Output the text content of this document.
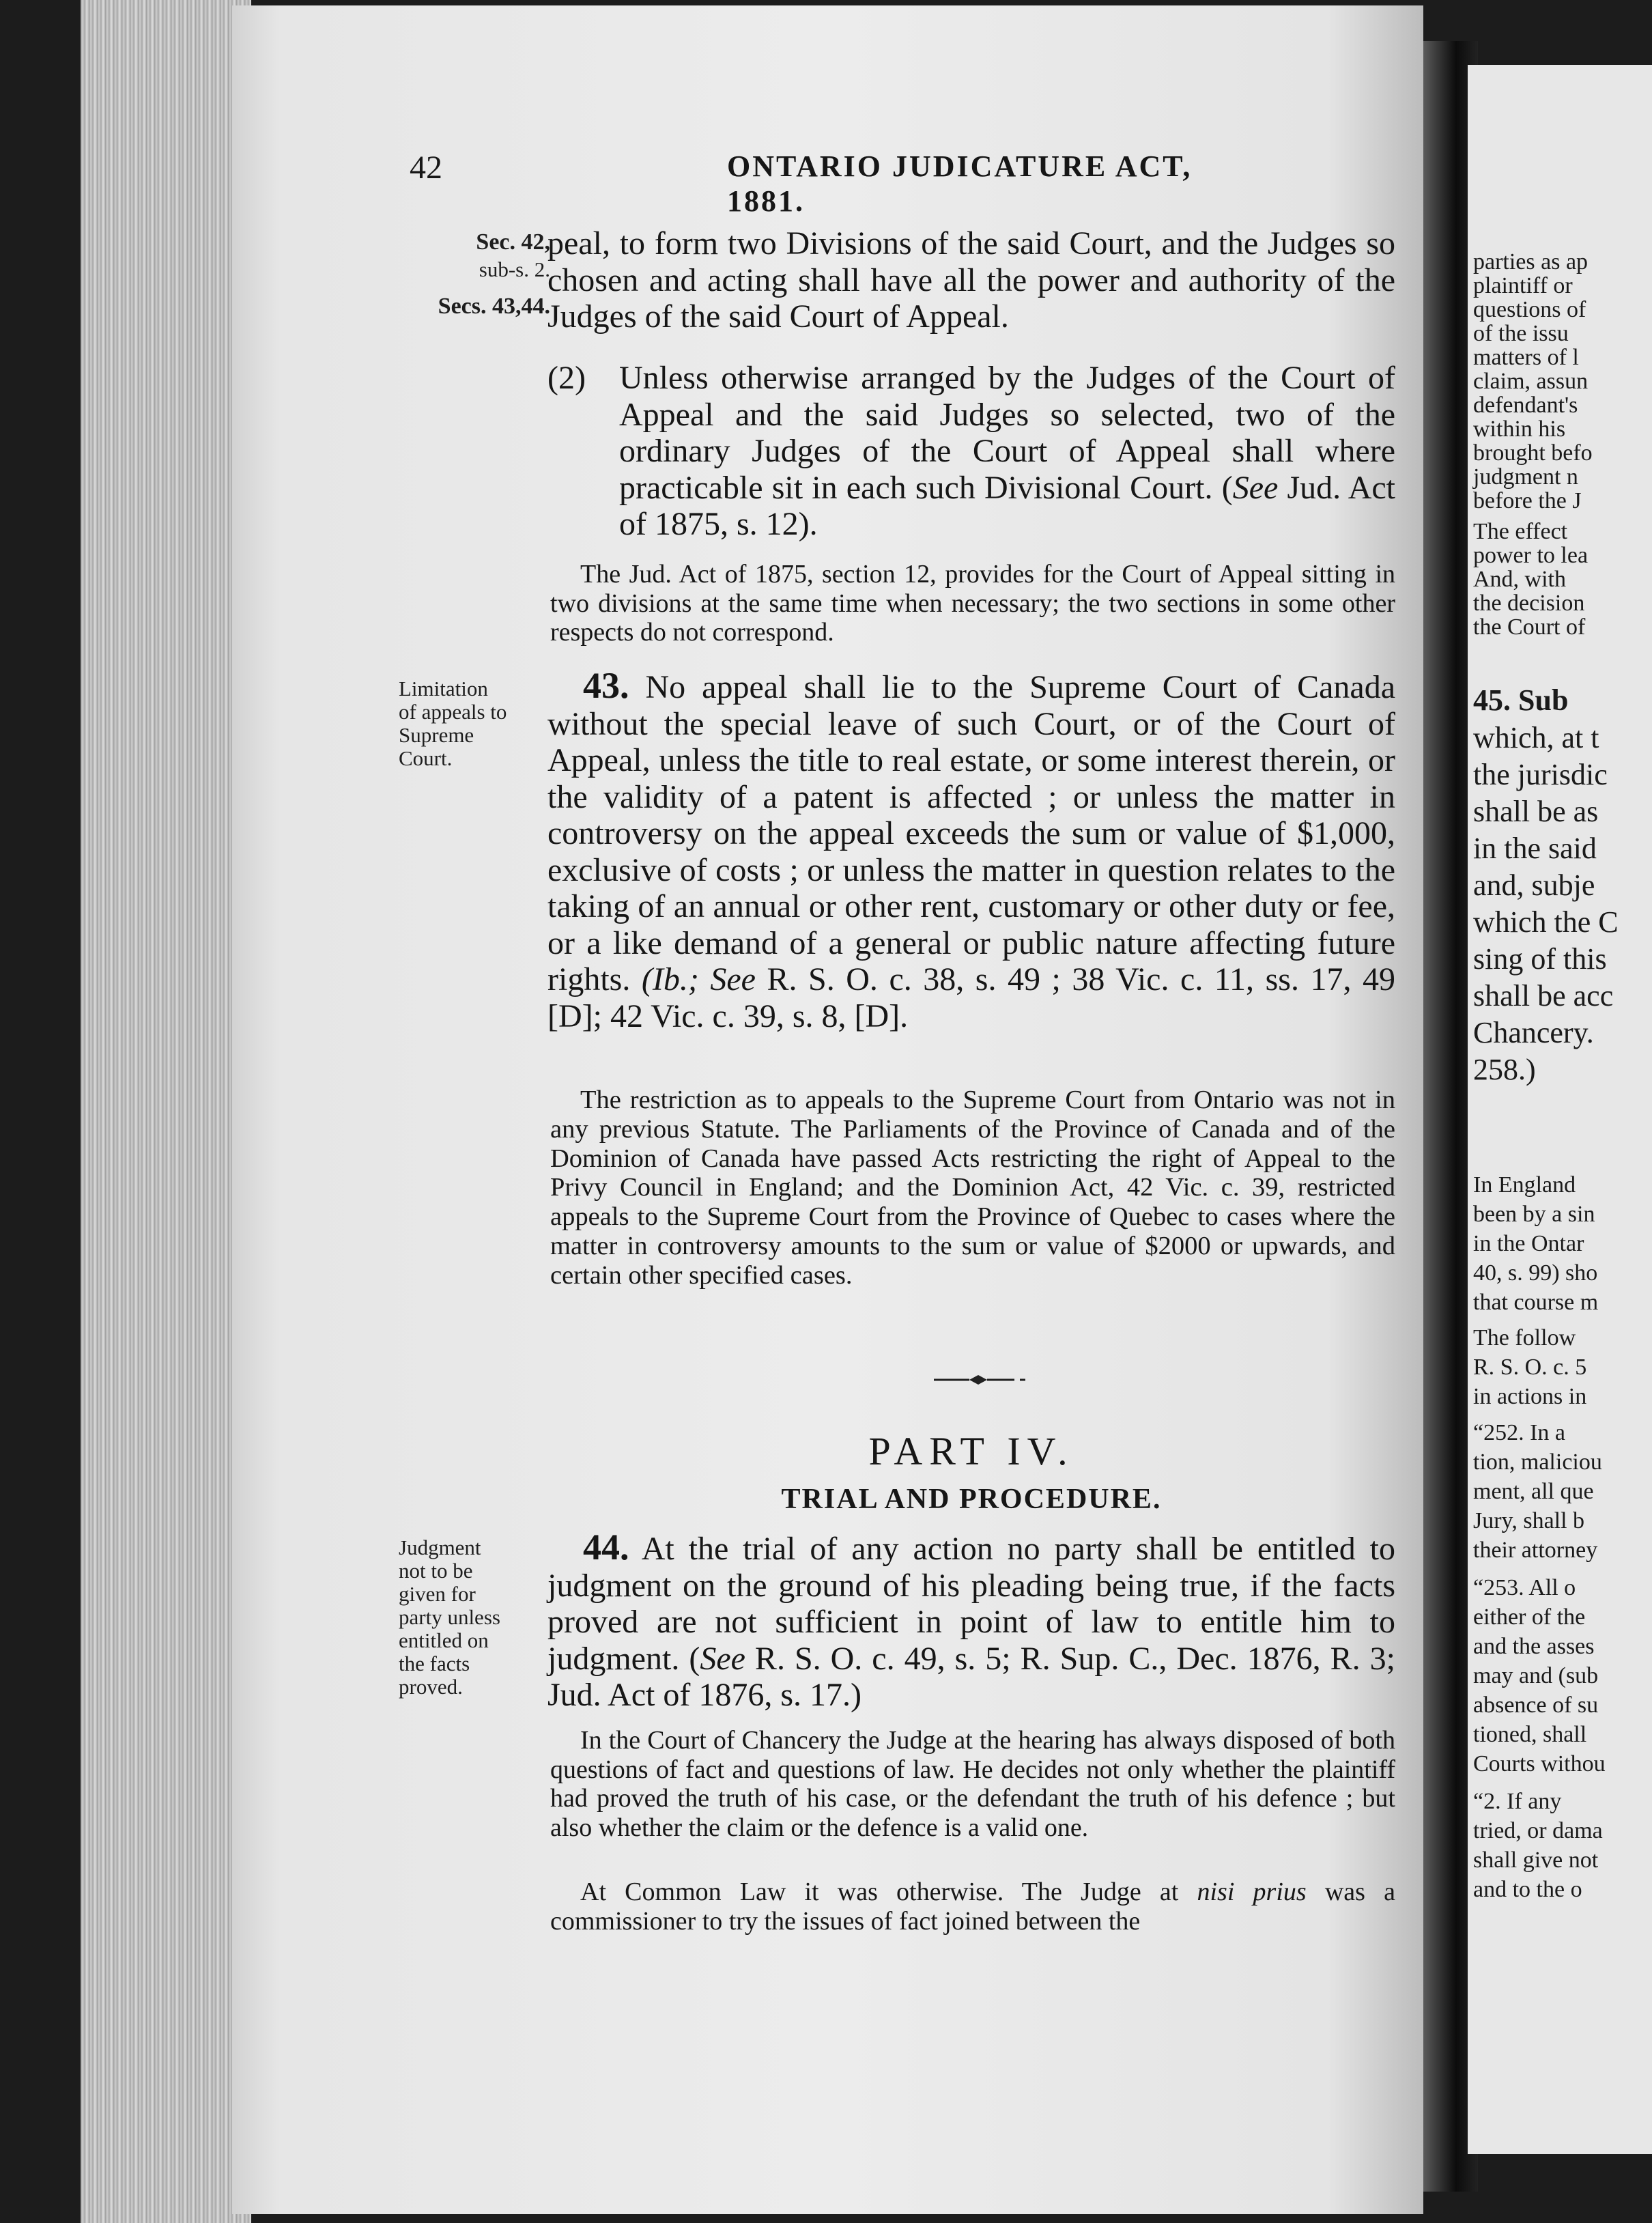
42	ONTARIO JUDICATURE ACT, 1881.
Sec. 42,
sub-s. 2.
Secs. 43,44.
Limitation
of appeals to
Supreme
Court.
Judgment
not to be
given for
party unless
entitled on
the facts
proved.
peal, to form two Divisions of the said Court, and the Judges so chosen and acting shall have all the power and authority of the Judges of the said Court of Appeal.
(2) Unless otherwise arranged by the Judges of the Court of Appeal and the said Judges so selected, two of the ordinary Judges of the Court of Appeal shall where practicable sit in each such Divisional Court. (See Jud. Act of 1875, s. 12).
The Jud. Act of 1875, section 12, provides for the Court of Appeal sitting in two divisions at the same time when necessary; the two sections in some other respects do not correspond.
43. No appeal shall lie to the Supreme Court of Canada without the special leave of such Court, or of the Court of Appeal, unless the title to real estate, or some interest therein, or the validity of a patent is affected ; or unless the matter in controversy on the appeal exceeds the sum or value of $1,000, exclusive of costs ; or unless the matter in question relates to the taking of an annual or other rent, customary or other duty or fee, or a like demand of a general or public nature affecting future rights. (Ib.; See R. S. O. c. 38, s. 49 ; 38 Vic. c. 11, ss. 17, 49 [D]; 42 Vic. c. 39, s. 8, [D].
The restriction as to appeals to the Supreme Court from Ontario was not in any previous Statute. The Parliaments of the Province of Canada and of the Dominion of Canada have passed Acts restricting the right of Appeal to the Privy Council in England; and the Dominion Act, 42 Vic. c. 39, restricted appeals to the Supreme Court from the Province of Quebec to cases where the matter in controversy amounts to the sum or value of $2000 or upwards, and certain other specified cases.
PART IV.
TRIAL AND PROCEDURE.
44. At the trial of any action no party shall be entitled to judgment on the ground of his pleading being true, if the facts proved are not sufficient in point of law to entitle him to judgment. (See R. S. O. c. 49, s. 5; R. Sup. C., Dec. 1876, R. 3; Jud. Act of 1876, s. 17.)
In the Court of Chancery the Judge at the hearing has always disposed of both questions of fact and questions of law. He decides not only whether the plaintiff had proved the truth of his case, or the defendant the truth of his defence ; but also whether the claim or the defence is a valid one.
At Common Law it was otherwise. The Judge at nisi prius was a commissioner to try the issues of fact joined between the
parties as ap
plaintiff or
questions of
of the issu
matters of l
claim, assun
defendant's
within his
brought befo
judgment n
before the J
The effect
power to lea
And, with
the decision
the Court of
45. Sub
which, at t
the jurisdic
shall be as
in the said
and, subje
which the C
sing of this
shall be acc
Chancery.
258.)
In England
been by a sin
in the Ontar
40, s. 99) sho
that course m
The follow
R. S. O. c. 5
in actions in
“252. In a
tion, maliciou
ment, all que
Jury, shall b
their attorney
“253. All o
either of the
and the asses
may and (sub
absence of su
tioned, shall
Courts withou
“2. If any
tried, or dama
shall give not
and to the o
